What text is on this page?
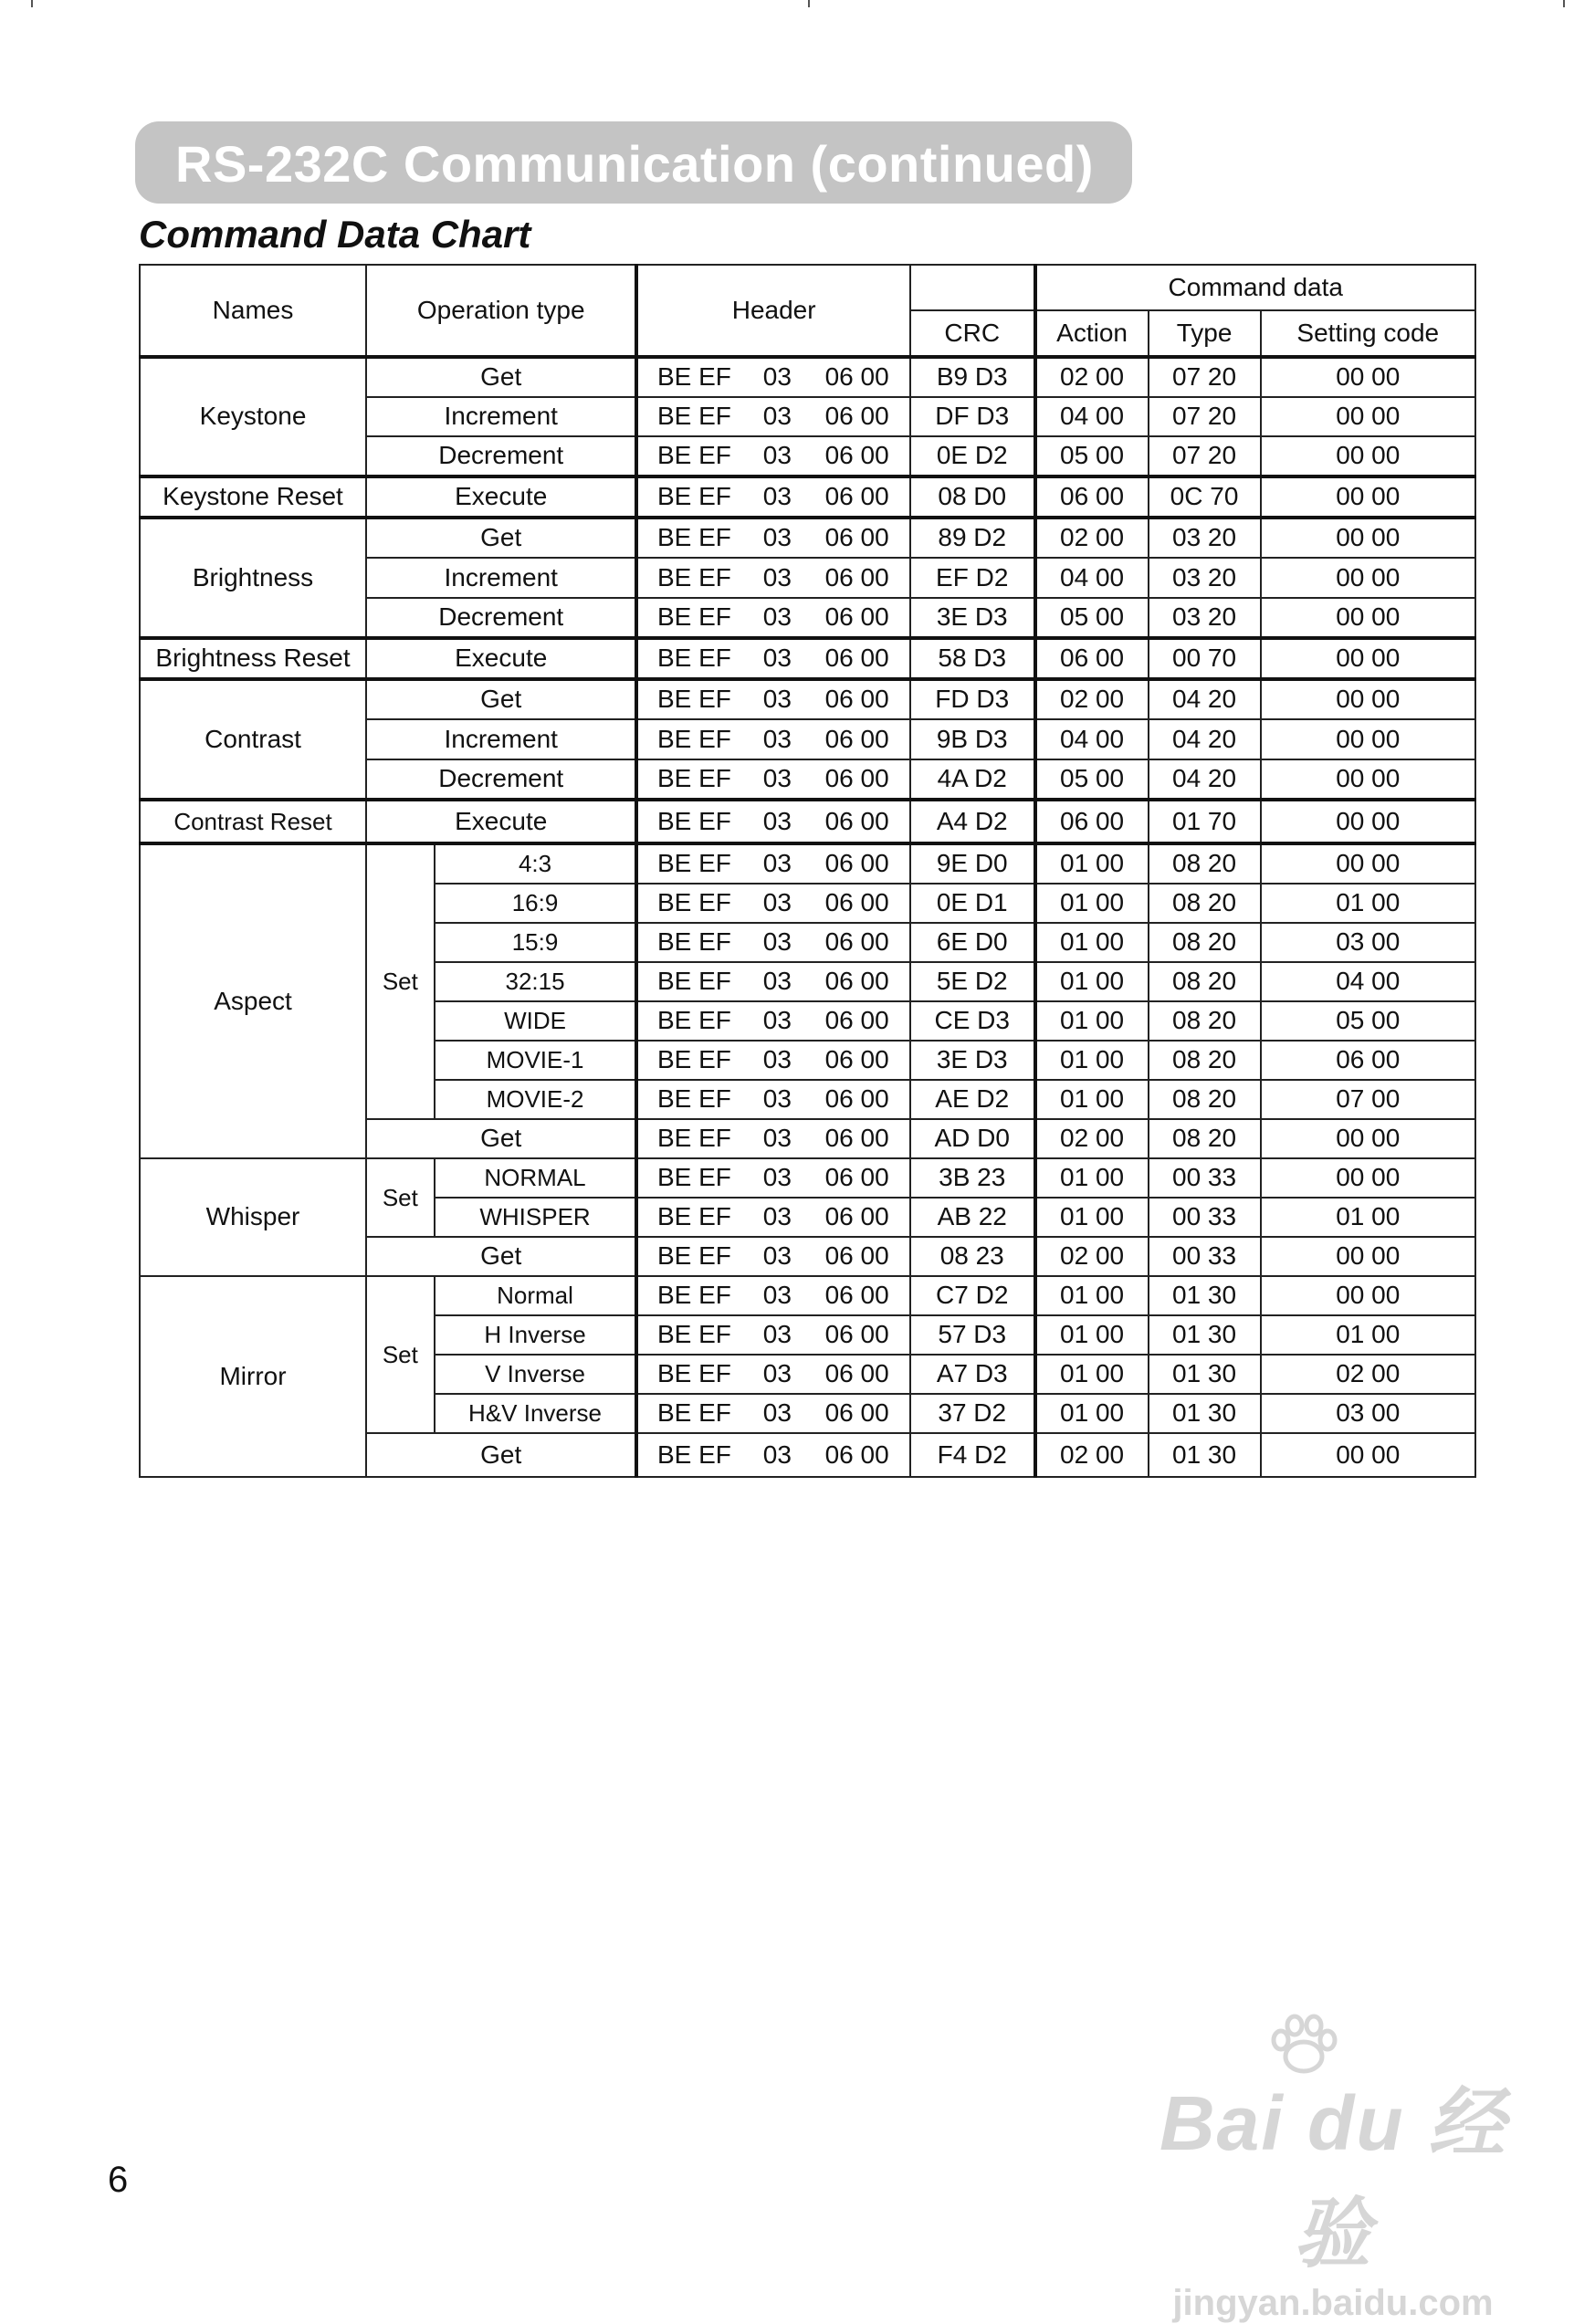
RS-232C Communication (continued)
Command Data Chart
Names	Operation type		Header				Command data		
						CRC	Action	Type	Setting code
Keystone	Get		BE EF	03	06 00	B9 D3	02 00	07 20	00 00
	Increment		BE EF	03	06 00	DF D3	04 00	07 20	00 00
	Decrement		BE EF	03	06 00	0E D2	05 00	07 20	00 00
Keystone Reset	Execute		BE EF	03	06 00	08 D0	06 00	0C 70	00 00
Brightness	Get		BE EF	03	06 00	89 D2	02 00	03 20	00 00
	Increment		BE EF	03	06 00	EF D2	04 00	03 20	00 00
	Decrement		BE EF	03	06 00	3E D3	05 00	03 20	00 00
Brightness Reset	Execute		BE EF	03	06 00	58 D3	06 00	00 70	00 00
Contrast	Get		BE EF	03	06 00	FD D3	02 00	04 20	00 00
	Increment		BE EF	03	06 00	9B D3	04 00	04 20	00 00
	Decrement		BE EF	03	06 00	4A D2	05 00	04 20	00 00
Contrast Reset	Execute		BE EF	03	06 00	A4 D2	06 00	01 70	00 00
Aspect	Set	4:3	BE EF	03	06 00	9E D0	01 00	08 20	00 00
		16:9	BE EF	03	06 00	0E D1	01 00	08 20	01 00
		15:9	BE EF	03	06 00	6E D0	01 00	08 20	03 00
		32:15	BE EF	03	06 00	5E D2	01 00	08 20	04 00
		WIDE	BE EF	03	06 00	CE D3	01 00	08 20	05 00
		MOVIE-1	BE EF	03	06 00	3E D3	01 00	08 20	06 00
		MOVIE-2	BE EF	03	06 00	AE D2	01 00	08 20	07 00
	Get		BE EF	03	06 00	AD D0	02 00	08 20	00 00
Whisper	Set	NORMAL	BE EF	03	06 00	3B 23	01 00	00 33	00 00
		WHISPER	BE EF	03	06 00	AB 22	01 00	00 33	01 00
	Get		BE EF	03	06 00	08 23	02 00	00 33	00 00
Mirror	Set	Normal	BE EF	03	06 00	C7 D2	01 00	01 30	00 00
		H Inverse	BE EF	03	06 00	57 D3	01 00	01 30	01 00
		V Inverse	BE EF	03	06 00	A7 D3	01 00	01 30	02 00
		H&V Inverse	BE EF	03	06 00	37 D2	01 00	01 30	03 00
	Get		BE EF	03	06 00	F4 D2	02 00	01 30	00 00
6
Bai du 经验
jingyan.baidu.com
